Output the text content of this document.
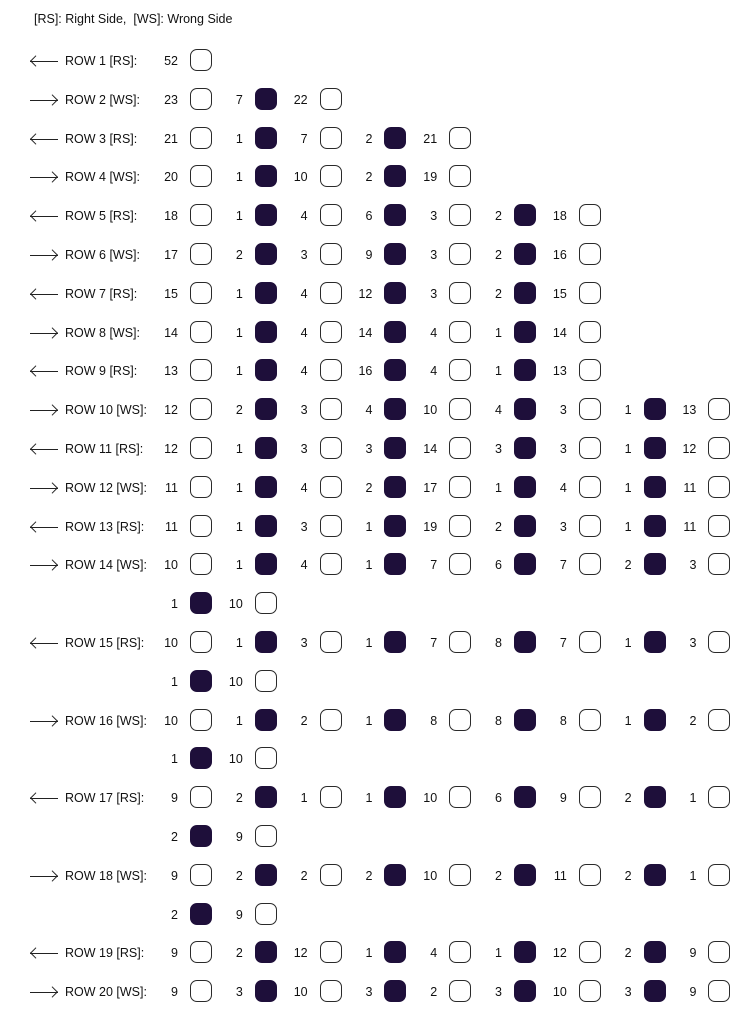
[RS]: Right Side,  [WS]: Wrong Side
ROW 1 [RS]:	52
ROW 2 [WS]:	23	7	22
ROW 3 [RS]:	21	1	7	2	21
ROW 4 [WS]:	20	1	10	2	19
ROW 5 [RS]:	18	1	4	6	3	2	18
ROW 6 [WS]:	17	2	3	9	3	2	16
ROW 7 [RS]:	15	1	4	12	3	2	15
ROW 8 [WS]:	14	1	4	14	4	1	14
ROW 9 [RS]:	13	1	4	16	4	1	13
ROW 10 [WS]:	12	2	3	4	10	4	3	1	13
ROW 11 [RS]:	12	1	3	3	14	3	3	1	12
ROW 12 [WS]:	11	1	4	2	17	1	4	1	11
ROW 13 [RS]:	11	1	3	1	19	2	3	1	11
ROW 14 [WS]:	10	1	4	1	7	6	7	2	3
1	10
ROW 15 [RS]:	10	1	3	1	7	8	7	1	3
1	10
ROW 16 [WS]:	10	1	2	1	8	8	8	1	2
1	10
ROW 17 [RS]:	9	2	1	1	10	6	9	2	1
2	9
ROW 18 [WS]:	9	2	2	2	10	2	11	2	1
2	9
ROW 19 [RS]:	9	2	12	1	4	1	12	2	9
ROW 20 [WS]:	9	3	10	3	2	3	10	3	9
